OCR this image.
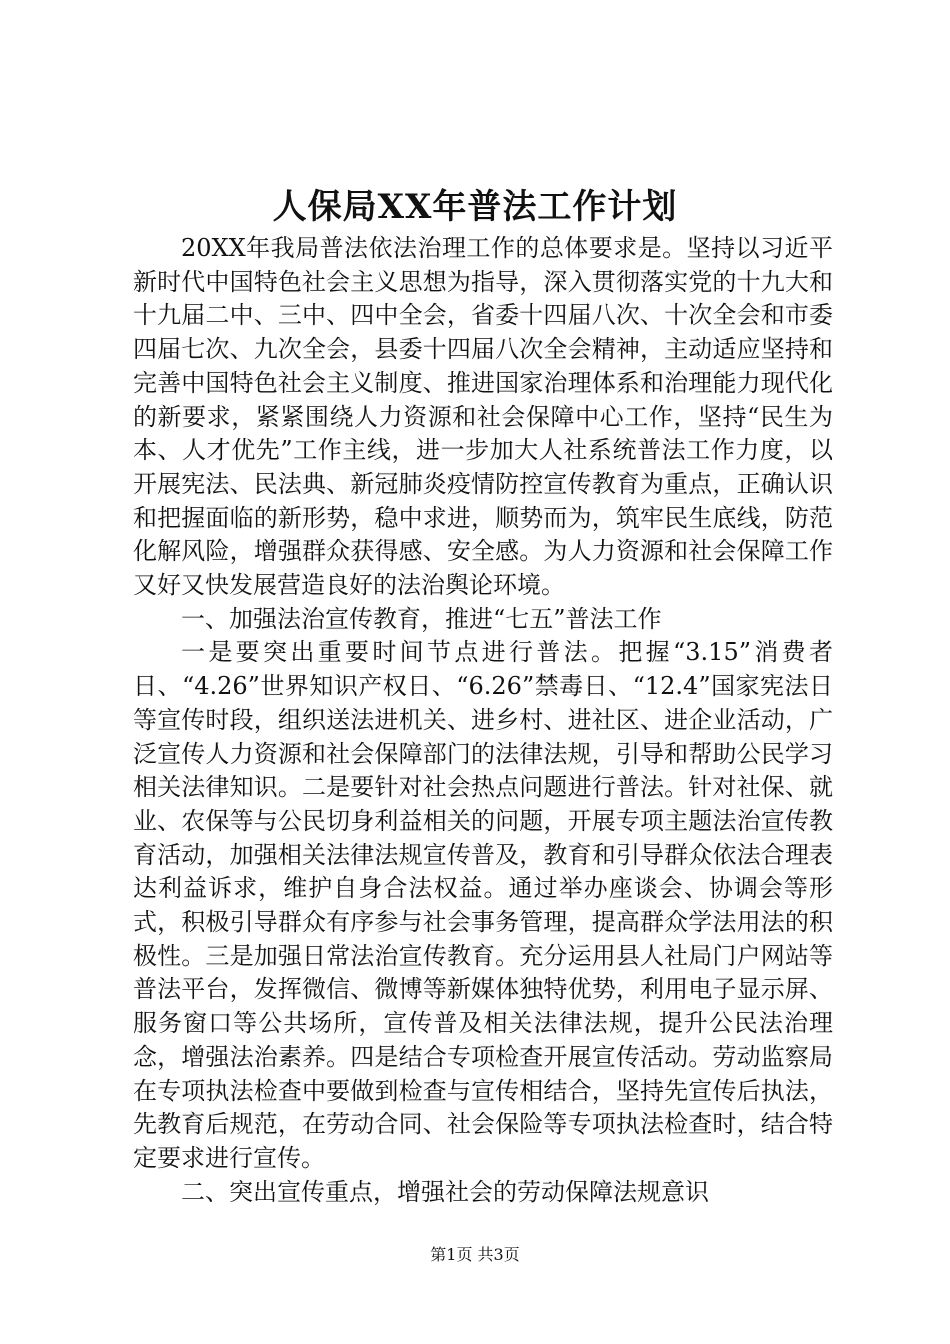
人保局XX年普法工作计划

20XX年我局普法依法治理工作的总体要求是。坚持以习近平新时代中国特色社会主义思想为指导，深入贯彻落实党的十九大和十九届二中、三中、四中全会，省委十四届八次、十次全会和市委四届七次、九次全会，县委十四届八次全会精神，主动适应坚持和完善中国特色社会主义制度、推进国家治理体系和治理能力现代化的新要求，紧紧围绕人力资源和社会保障中心工作，坚持“民生为本、人才优先”工作主线，进一步加大人社系统普法工作力度，以开展宪法、民法典、新冠肺炎疫情防控宣传教育为重点，正确认识和把握面临的新形势，稳中求进，顺势而为，筑牢民生底线，防范化解风险，增强群众获得感、安全感。为人力资源和社会保障工作又好又快发展营造良好的法治舆论环境。

一、加强法治宣传教育，推进“七五”普法工作

一是要突出重要时间节点进行普法。把握“3.15”消费者日、“4.26”世界知识产权日、“6.26”禁毒日、“12.4”国家宪法日等宣传时段，组织送法进机关、进乡村、进社区、进企业活动，广泛宣传人力资源和社会保障部门的法律法规，引导和帮助公民学习相关法律知识。二是要针对社会热点问题进行普法。针对社保、就业、农保等与公民切身利益相关的问题，开展专项主题法治宣传教育活动，加强相关法律法规宣传普及，教育和引导群众依法合理表达利益诉求，维护自身合法权益。通过举办座谈会、协调会等形式，积极引导群众有序参与社会事务管理，提高群众学法用法的积极性。三是加强日常法治宣传教育。充分运用县人社局门户网站等普法平台，发挥微信、微博等新媒体独特优势，利用电子显示屏、服务窗口等公共场所，宣传普及相关法律法规，提升公民法治理念，增强法治素养。四是结合专项检查开展宣传活动。劳动监察局在专项执法检查中要做到检查与宣传相结合，坚持先宣传后执法，先教育后规范，在劳动合同、社会保险等专项执法检查时，结合特定要求进行宣传。

二、突出宣传重点，增强社会的劳动保障法规意识

第1页 共3页
